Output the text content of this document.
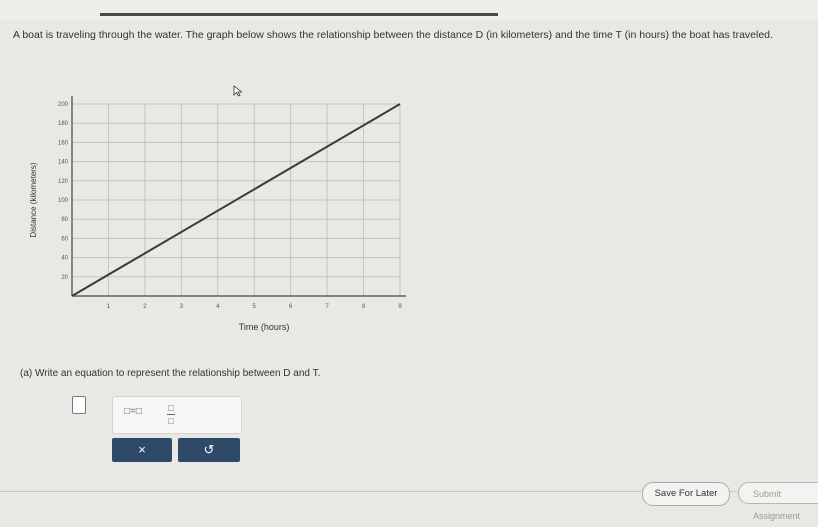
A boat is traveling through the water. The graph below shows the relationship between the distance D (in kilometers) and the time T (in hours) the boat has traveled.
1	2	3	4	5	6	7	8	9
20
40
60
80
100
120
140
160
180
200
Time (hours)
Distance (kilometers)
(a) Write an equation to represent the relationship between D and T.
□=□	□
□
×	↺
Save For Later	Submit Assignment
